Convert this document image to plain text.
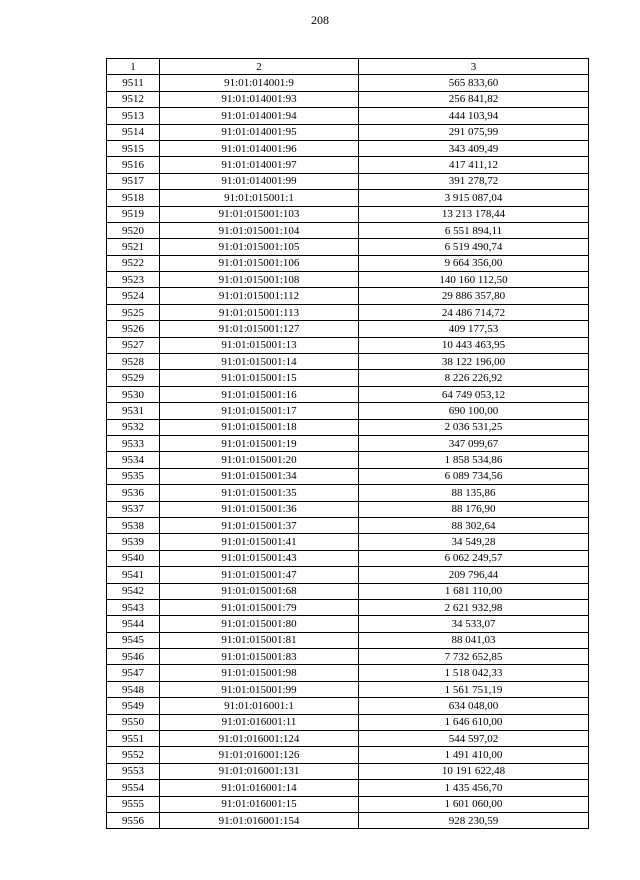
208
1	2	3
9511	91:01:014001:9	565 833,60
9512	91:01:014001:93	256 841,82
9513	91:01:014001:94	444 103,94
9514	91:01:014001:95	291 075,99
9515	91:01:014001:96	343 409,49
9516	91:01:014001:97	417 411,12
9517	91:01:014001:99	391 278,72
9518	91:01:015001:1	3 915 087,04
9519	91:01:015001:103	13 213 178,44
9520	91:01:015001:104	6 551 894,11
9521	91:01:015001:105	6 519 490,74
9522	91:01:015001:106	9 664 356,00
9523	91:01:015001:108	140 160 112,50
9524	91:01:015001:112	29 886 357,80
9525	91:01:015001:113	24 486 714,72
9526	91:01:015001:127	409 177,53
9527	91:01:015001:13	10 443 463,95
9528	91:01:015001:14	38 122 196,00
9529	91:01:015001:15	8 226 226,92
9530	91:01:015001:16	64 749 053,12
9531	91:01:015001:17	690 100,00
9532	91:01:015001:18	2 036 531,25
9533	91:01:015001:19	347 099,67
9534	91:01:015001:20	1 858 534,86
9535	91:01:015001:34	6 089 734,56
9536	91:01:015001:35	88 135,86
9537	91:01:015001:36	88 176,90
9538	91:01:015001:37	88 302,64
9539	91:01:015001:41	34 549,28
9540	91:01:015001:43	6 062 249,57
9541	91:01:015001:47	209 796,44
9542	91:01:015001:68	1 681 110,00
9543	91:01:015001:79	2 621 932,98
9544	91:01:015001:80	34 533,07
9545	91:01:015001:81	88 041,03
9546	91:01:015001:83	7 732 652,85
9547	91:01:015001:98	1 518 042,33
9548	91:01:015001:99	1 561 751,19
9549	91:01:016001:1	634 048,00
9550	91:01:016001:11	1 646 610,00
9551	91:01:016001:124	544 597,02
9552	91:01:016001:126	1 491 410,00
9553	91:01:016001:131	10 191 622,48
9554	91:01:016001:14	1 435 456,70
9555	91:01:016001:15	1 601 060,00
9556	91:01:016001:154	928 230,59
